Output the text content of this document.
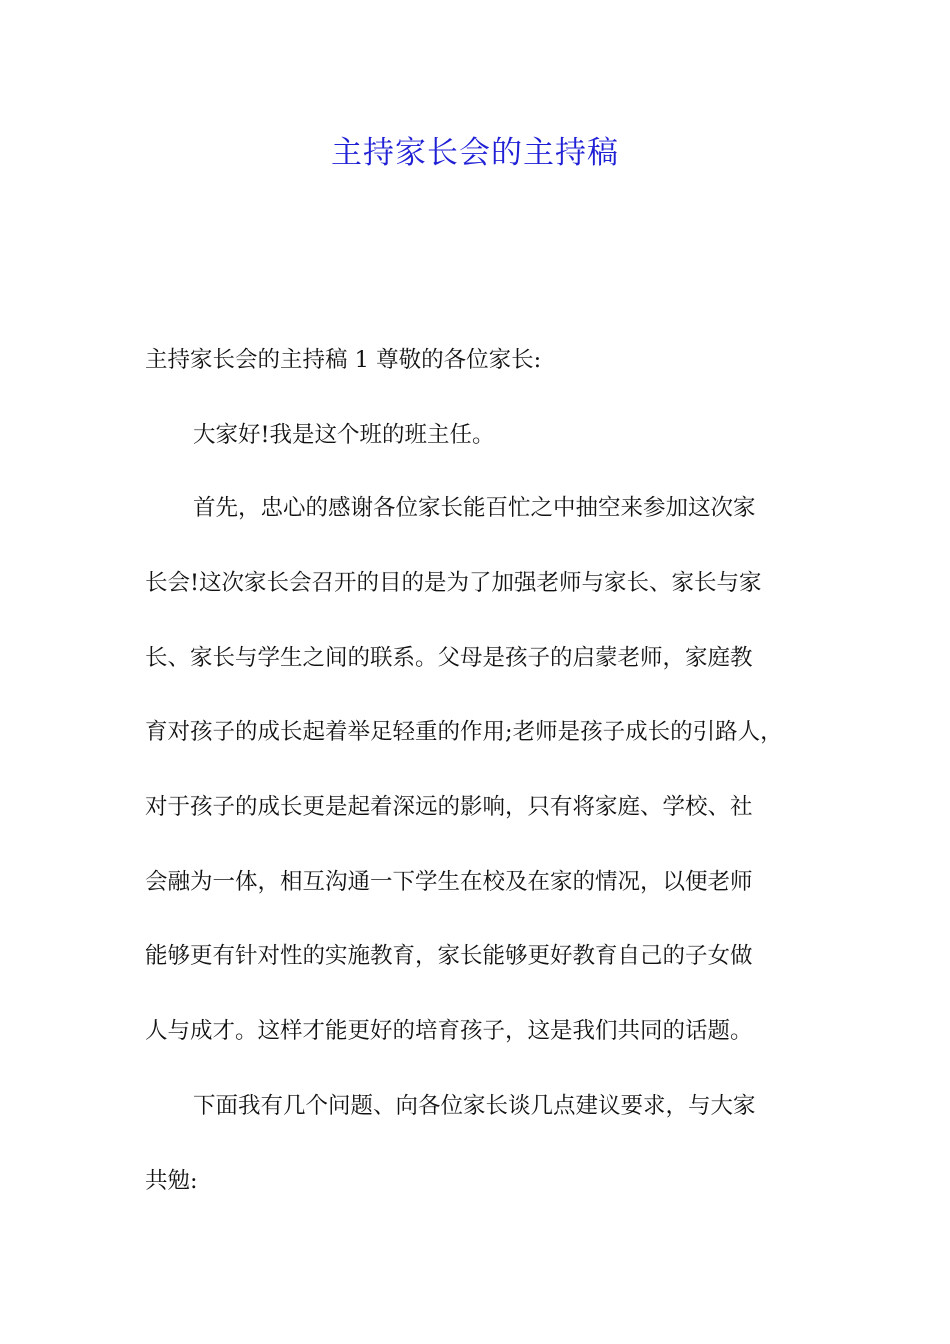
主持家长会的主持稿

主持家长会的主持稿 1 尊敬的各位家长:

大家好!我是这个班的班主任。

首先，忠心的感谢各位家长能百忙之中抽空来参加这次家

长会!这次家长会召开的目的是为了加强老师与家长、家长与家

长、家长与学生之间的联系。父母是孩子的启蒙老师，家庭教

育对孩子的成长起着举足轻重的作用;老师是孩子成长的引路人，

对于孩子的成长更是起着深远的影响，只有将家庭、学校、社

会融为一体，相互沟通一下学生在校及在家的情况，以便老师

能够更有针对性的实施教育，家长能够更好教育自己的子女做

人与成才。这样才能更好的培育孩子，这是我们共同的话题。

下面我有几个问题、向各位家长谈几点建议要求，与大家

共勉:
